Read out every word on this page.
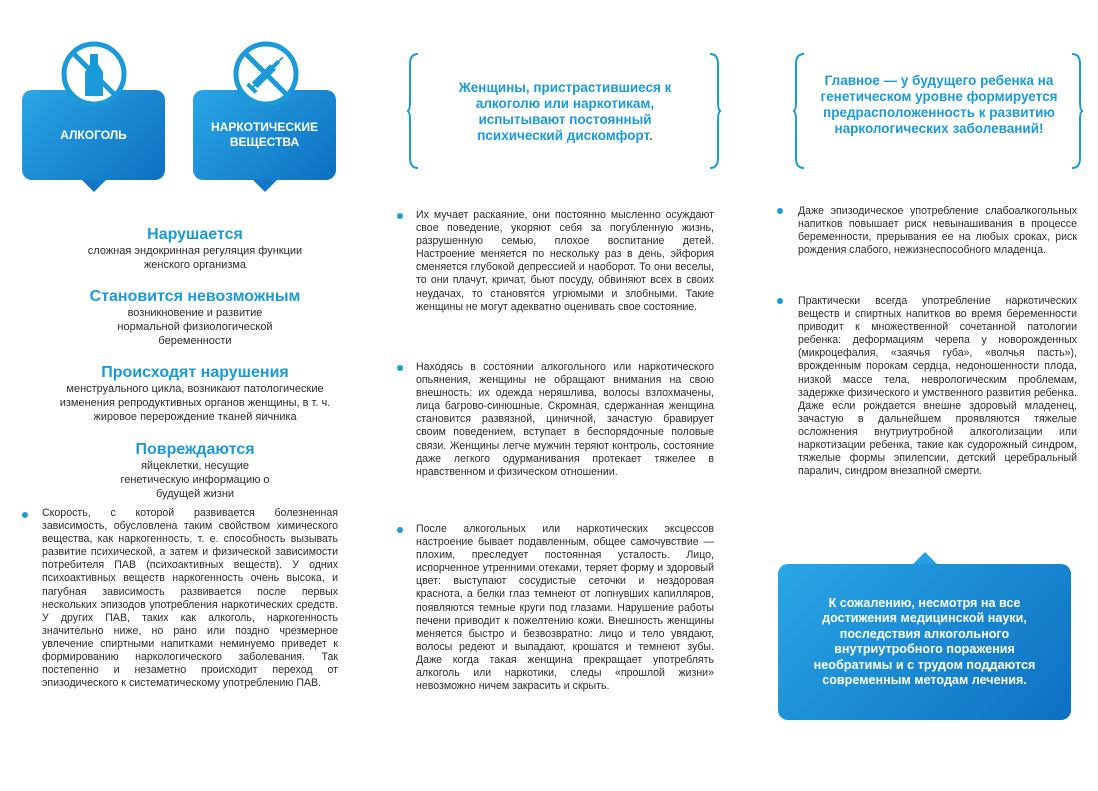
АЛКОГОЛЬ
НАРКОТИЧЕСКИЕ
ВЕЩЕСТВА
Нарушается
сложная эндокринная регуляция функции женского организма
Становится невозможным
возникновение и развитие нормальной физиологической беременности
Происходят нарушения
менструального цикла, возникают патологические изменения репродуктивных органов женщины, в т. ч. жировое перерождение тканей яичника
Повреждаются
яйцеклетки, несущие генетическую информацию о будущей жизни
Скорость, с которой развивается болезненная зависимость, обусловлена таким свойством химического вещества, как наркогенность, т. е. способность вызывать развитие психической, а затем и физической зависимости потребителя ПАВ (психоактивных веществ). У одних психоактивных веществ наркогенность очень высока, и пагубная зависимость развивается после первых нескольких эпизодов употребления наркотических средств. У других ПАВ, таких как алкоголь, наркогенность значительно ниже, но рано или поздно чрезмерное увлечение спиртными напитками неминуемо приведет к формированию наркологического заболевания. Так постепенно и незаметно происходит переход от эпизодического к систематическому употреблению ПАВ.
Женщины, пристрастившиеся к алкоголю или наркотикам, испытывают постоянный психический дискомфорт.
Их мучает раскаяние, они постоянно мысленно осуждают свое поведение, укоряют себя за погубленную жизнь, разрушенную семью, плохое воспитание детей. Настроение меняется по нескольку раз в день, эйфория сменяется глубокой депрессией и наоборот. То они веселы, то они плачут, кричат, бьют посуду, обвиняют всех в своих неудачах, то становятся угрюмыми и злобными. Такие женщины не могут адекватно оценивать свое состояние.
Находясь в состоянии алкогольного или наркотического опьянения, женщины не обращают внимания на свою внешность: их одежда неряшлива, волосы взлохмачены, лица багрово-синюшные. Скромная, сдержанная женщина становится развязной, циничной, зачастую бравирует своим поведением, вступает в беспорядочные половые связи. Женщины легче мужчин теряют контроль, состояние даже легкого одурманивания протекает тяжелее в нравственном и физическом отношении.
После алкогольных или наркотических эксцессов настроение бывает подавленным, общее самочувствие — плохим, преследует постоянная усталость. Лицо, испорченное утренними отеками, теряет форму и здоровый цвет: выступают сосудистые сеточки и нездоровая краснота, а белки глаз темнеют от лопнувших капилляров, появляются темные круги под глазами. Нарушение работы печени приводит к пожелтению кожи. Внешность женщины меняется быстро и безвозвратно: лицо и тело увядают, волосы редеют и выпадают, крошатся и темнеют зубы. Даже когда такая женщина прекращает употреблять алкоголь или наркотики, следы «прошлой жизни» невозможно ничем закрасить и скрыть.
Главное — у будущего ребенка на генетическом уровне формируется предрасположенность к развитию наркологических заболеваний!
Даже эпизодическое употребление слабоалкогольных напитков повышает риск невынашивания в процессе беременности, прерывания ее на любых сроках, риск рождения слабого, нежизнеспособного младенца.
Практически всегда употребление наркотических веществ и спиртных напитков во время беременности приводит к множественной сочетанной патологии ребенка: деформациям черепа у новорожденных (микроцефалия, «заячья губа», «волчья пасть»), врожденным порокам сердца, недоношенности плода, низкой массе тела, неврологическим проблемам, задержке физического и умственного развития ребенка. Даже если рождается внешне здоровый младенец, зачастую в дальнейшем проявляются тяжелые осложнения внутриутробной алкоголизации или наркотизации ребенка, такие как судорожный синдром, тяжелые формы эпилепсии, детский церебральный паралич, синдром внезапной смерти.
К сожалению, несмотря на все достижения медицинской науки, последствия алкогольного внутриутробного поражения необратимы и с трудом поддаются современным методам лечения.
